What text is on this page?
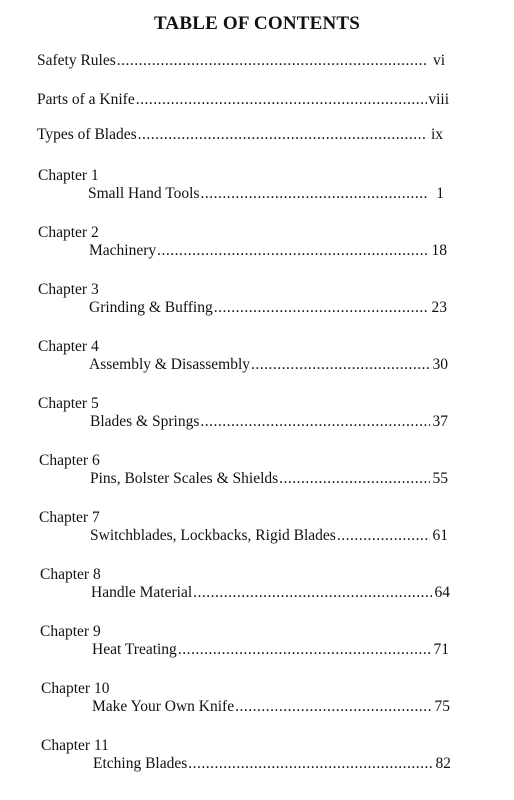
TABLE OF CONTENTS
Safety Rules .....	vi
Parts of a Knife .....	viii
Types of Blades .....	ix
Chapter 1
Small Hand Tools .....	1
Chapter 2
Machinery .....	18
Chapter 3
Grinding & Buffing .....	23
Chapter 4
Assembly & Disassembly .....	30
Chapter 5
Blades & Springs .....	37
Chapter 6
Pins, Bolster Scales & Shields .....	55
Chapter 7
Switchblades, Lockbacks, Rigid Blades .....	61
Chapter 8
Handle Material .....	64
Chapter 9
Heat Treating .....	71
Chapter 10
Make Your Own Knife .....	75
Chapter 11
Etching Blades .....	82
